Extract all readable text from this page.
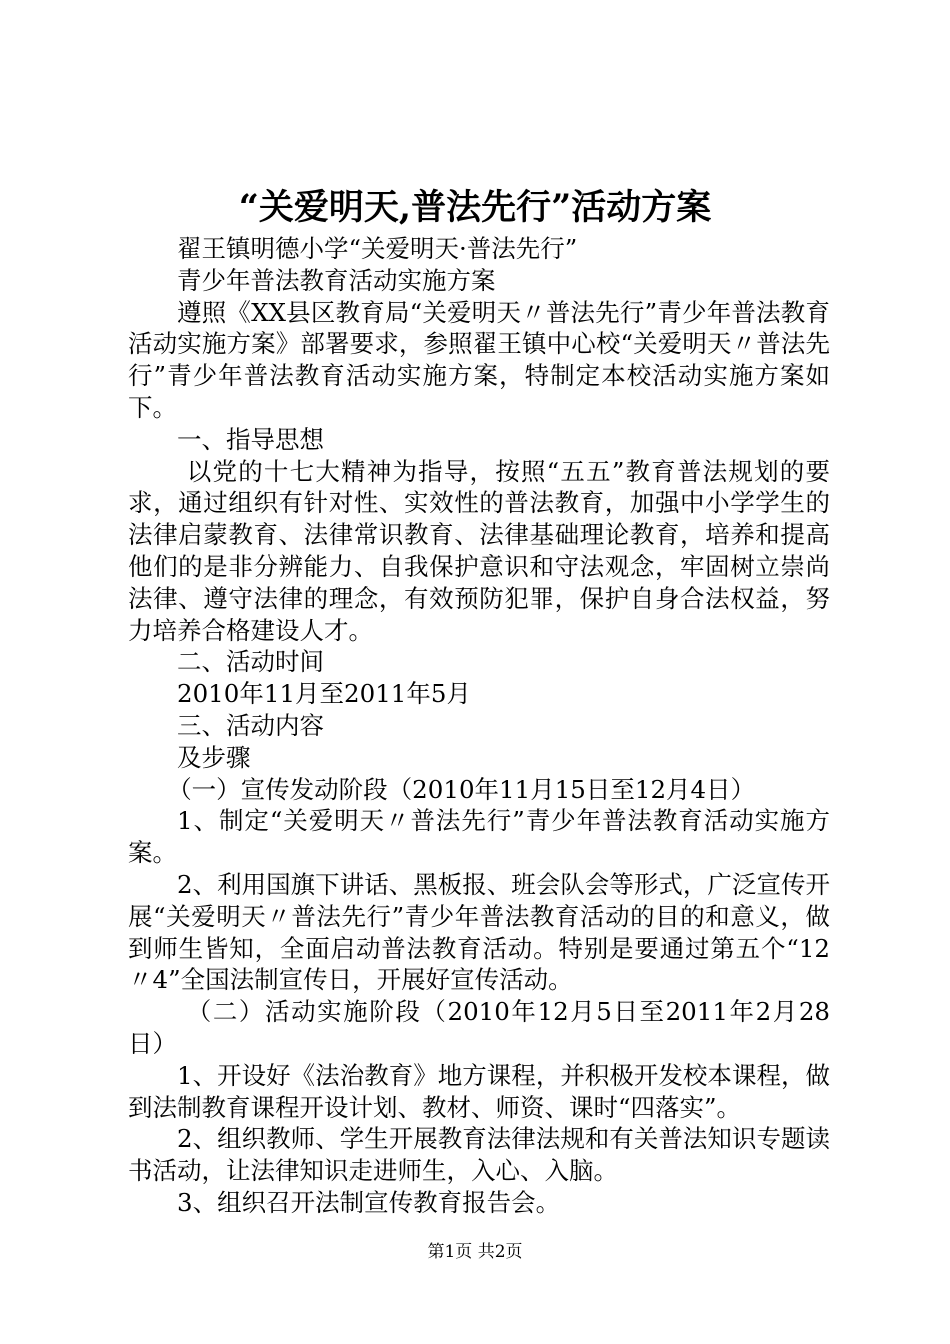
“关爱明天,普法先行”活动方案

翟王镇明德小学“关爱明天·普法先行”

青少年普法教育活动实施方案

遵照《XX县区教育局“关爱明天〃普法先行”青少年普法教育活动实施方案》部署要求，参照翟王镇中心校“关爱明天〃普法先行”青少年普法教育活动实施方案，特制定本校活动实施方案如下。

一、指导思想

以党的十七大精神为指导，按照“五五”教育普法规划的要求，通过组织有针对性、实效性的普法教育，加强中小学学生的法律启蒙教育、法律常识教育、法律基础理论教育，培养和提高他们的是非分辨能力、自我保护意识和守法观念，牢固树立崇尚法律、遵守法律的理念，有效预防犯罪，保护自身合法权益，努力培养合格建设人才。

二、活动时间

2010年11月至2011年5月

三、活动内容

及步骤

（一）宣传发动阶段（2010年11月15日至12月4日）

1、制定“关爱明天〃普法先行”青少年普法教育活动实施方案。

2、利用国旗下讲话、黑板报、班会队会等形式，广泛宣传开展“关爱明天〃普法先行”青少年普法教育活动的目的和意义，做到师生皆知，全面启动普法教育活动。特别是要通过第五个“12〃4”全国法制宣传日，开展好宣传活动。

（二）活动实施阶段（2010年12月5日至2011年2月28日）

1、开设好《法治教育》地方课程，并积极开发校本课程，做到法制教育课程开设计划、教材、师资、课时“四落实”。

2、组织教师、学生开展教育法律法规和有关普法知识专题读书活动，让法律知识走进师生，入心、入脑。

3、组织召开法制宣传教育报告会。

第1页 共2页
